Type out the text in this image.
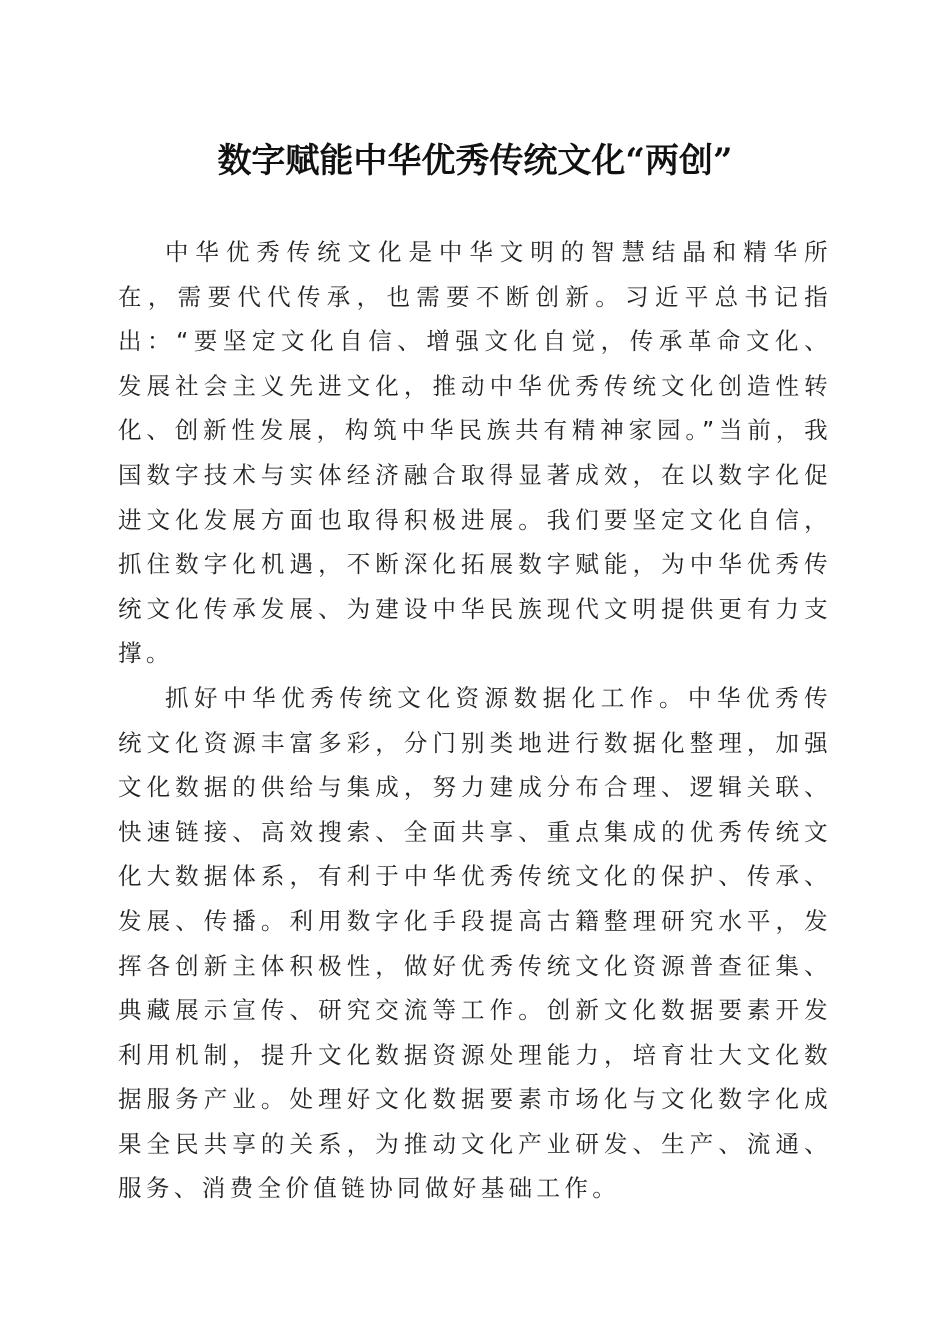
数字赋能中华优秀传统文化“两创”

中华优秀传统文化是中华文明的智慧结晶和精华所在，需要代代传承，也需要不断创新。习近平总书记指出：“要坚定文化自信、增强文化自觉，传承革命文化、发展社会主义先进文化，推动中华优秀传统文化创造性转化、创新性发展，构筑中华民族共有精神家园。”当前，我国数字技术与实体经济融合取得显著成效，在以数字化促进文化发展方面也取得积极进展。我们要坚定文化自信，抓住数字化机遇，不断深化拓展数字赋能，为中华优秀传统文化传承发展、为建设中华民族现代文明提供更有力支撑。

抓好中华优秀传统文化资源数据化工作。中华优秀传统文化资源丰富多彩，分门别类地进行数据化整理，加强文化数据的供给与集成，努力建成分布合理、逻辑关联、快速链接、高效搜索、全面共享、重点集成的优秀传统文化大数据体系，有利于中华优秀传统文化的保护、传承、发展、传播。利用数字化手段提高古籍整理研究水平，发挥各创新主体积极性，做好优秀传统文化资源普查征集、典藏展示宣传、研究交流等工作。创新文化数据要素开发利用机制，提升文化数据资源处理能力，培育壮大文化数据服务产业。处理好文化数据要素市场化与文化数字化成果全民共享的关系，为推动文化产业研发、生产、流通、服务、消费全价值链协同做好基础工作。
